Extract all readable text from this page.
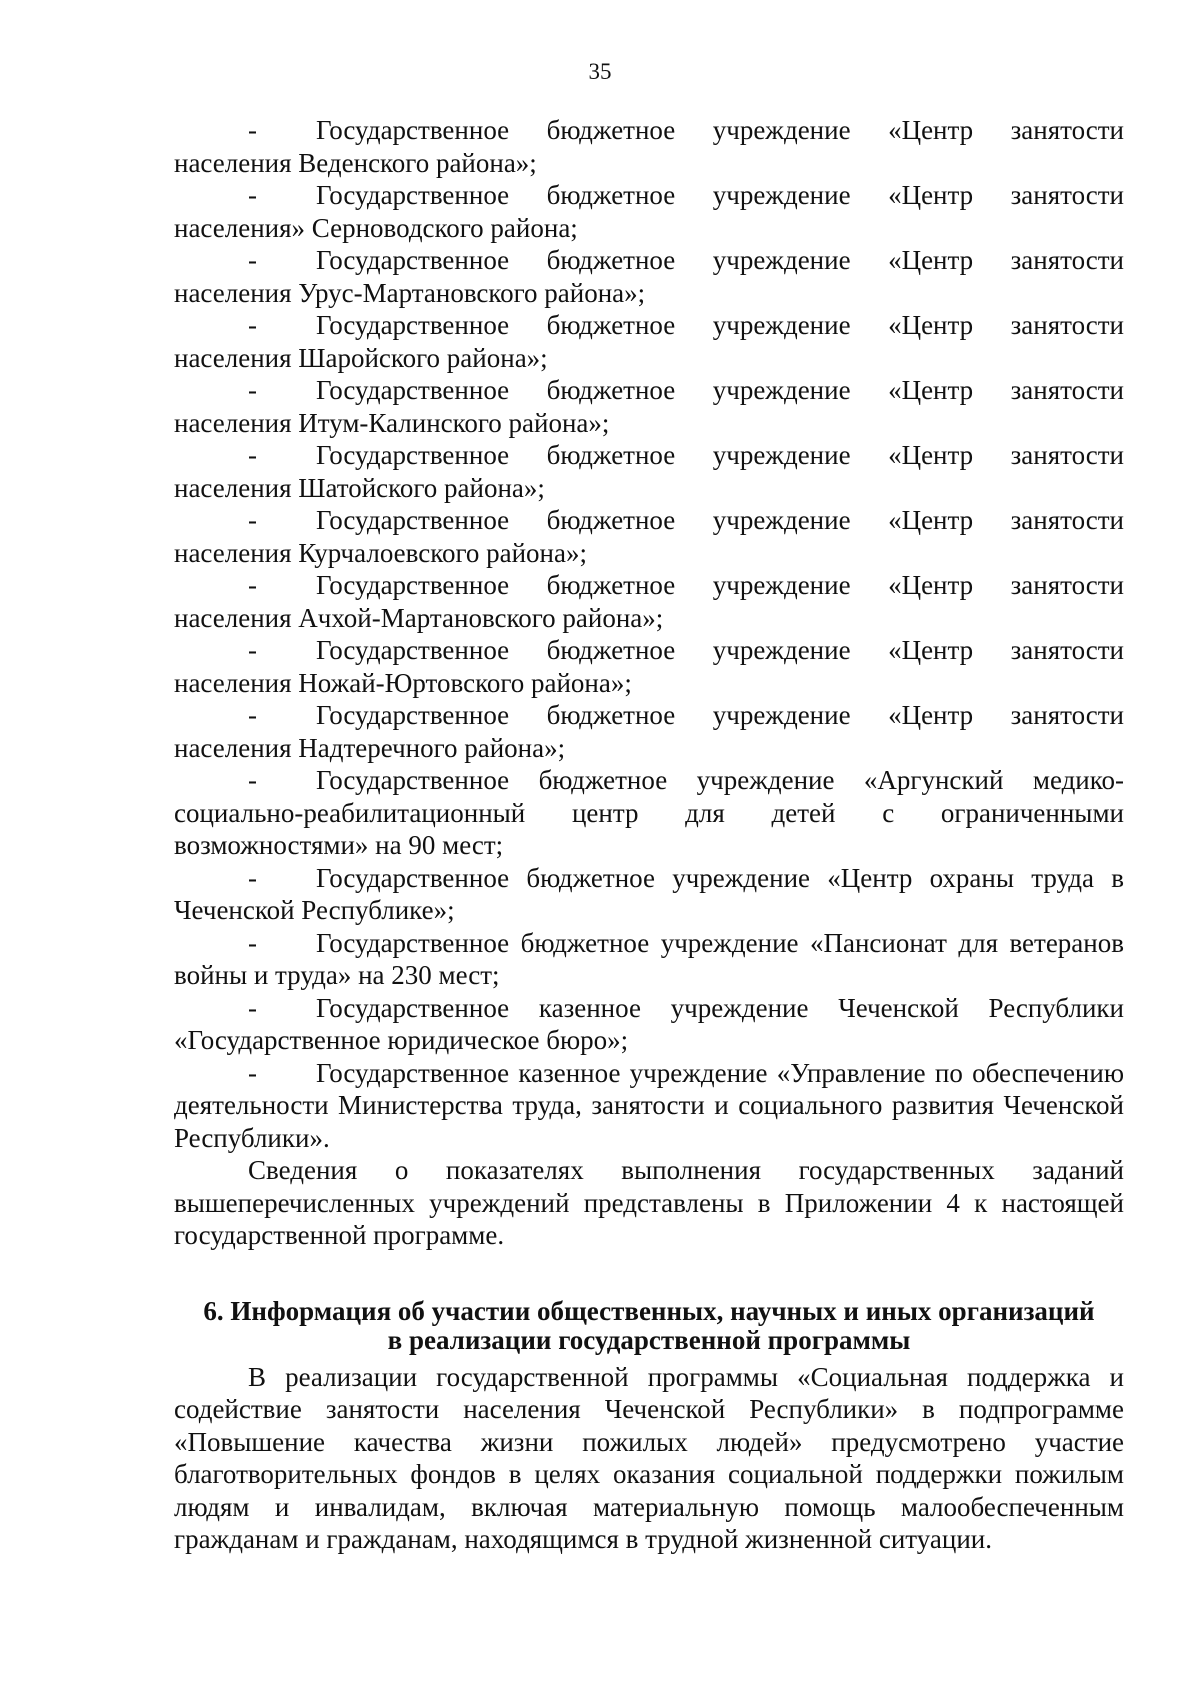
35

- Государственное бюджетное учреждение «Центр занятости населения Веденского района»;

- Государственное бюджетное учреждение «Центр занятости населения» Серноводского района;

- Государственное бюджетное учреждение «Центр занятости населения Урус-Мартановского района»;

- Государственное бюджетное учреждение «Центр занятости населения Шаройского района»;

- Государственное бюджетное учреждение «Центр занятости населения Итум-Калинского района»;

- Государственное бюджетное учреждение «Центр занятости населения Шатойского района»;

- Государственное бюджетное учреждение «Центр занятости населения Курчалоевского района»;

- Государственное бюджетное учреждение «Центр занятости населения Ачхой-Мартановского района»;

- Государственное бюджетное учреждение «Центр занятости населения Ножай-Юртовского района»;

- Государственное бюджетное учреждение «Центр занятости населения Надтеречного района»;

- Государственное бюджетное учреждение «Аргунский медико-социально-реабилитационный центр для детей с ограниченными возможностями» на 90 мест;

- Государственное бюджетное учреждение «Центр охраны труда в Чеченской Республике»;

- Государственное бюджетное учреждение «Пансионат для ветеранов войны и труда» на 230 мест;

- Государственное казенное учреждение Чеченской Республики «Государственное юридическое бюро»;

- Государственное казенное учреждение «Управление по обеспечению деятельности Министерства труда, занятости и социального развития Чеченской Республики».

Сведения о показателях выполнения государственных заданий вышеперечисленных учреждений представлены в Приложении 4 к настоящей государственной программе.

6. Информация об участии общественных, научных и иных организаций
в реализации государственной программы

В реализации государственной программы «Социальная поддержка и содействие занятости населения Чеченской Республики» в подпрограмме «Повышение качества жизни пожилых людей» предусмотрено участие благотворительных фондов в целях оказания социальной поддержки пожилым людям и инвалидам, включая материальную помощь малообеспеченным гражданам и гражданам, находящимся в трудной жизненной ситуации.
